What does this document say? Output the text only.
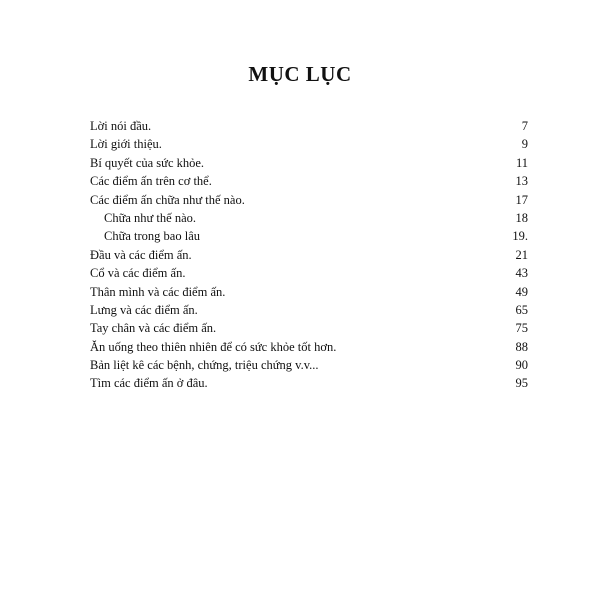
MỤC LỤC
Lời nói đầu.	7
Lời giới thiệu.	9
Bí quyết của sức khỏe.	11
Các điểm ấn trên cơ thể.	13
Các điểm ấn chữa như thế nào.	17
Chữa như thế nào.	18
Chữa trong bao lâu	19.
Đầu và các điểm ấn.	21
Cổ và các điểm ấn.	43
Thân mình và các điểm ấn.	49
Lưng và các điểm ấn.	65
Tay chân và các điểm ấn.	75
Ăn uống theo thiên nhiên để có sức khỏe tốt hơn.	88
Bản liệt kê các bệnh, chứng, triệu chứng v.v...	90
Tìm các điểm ấn ở đâu.	95
